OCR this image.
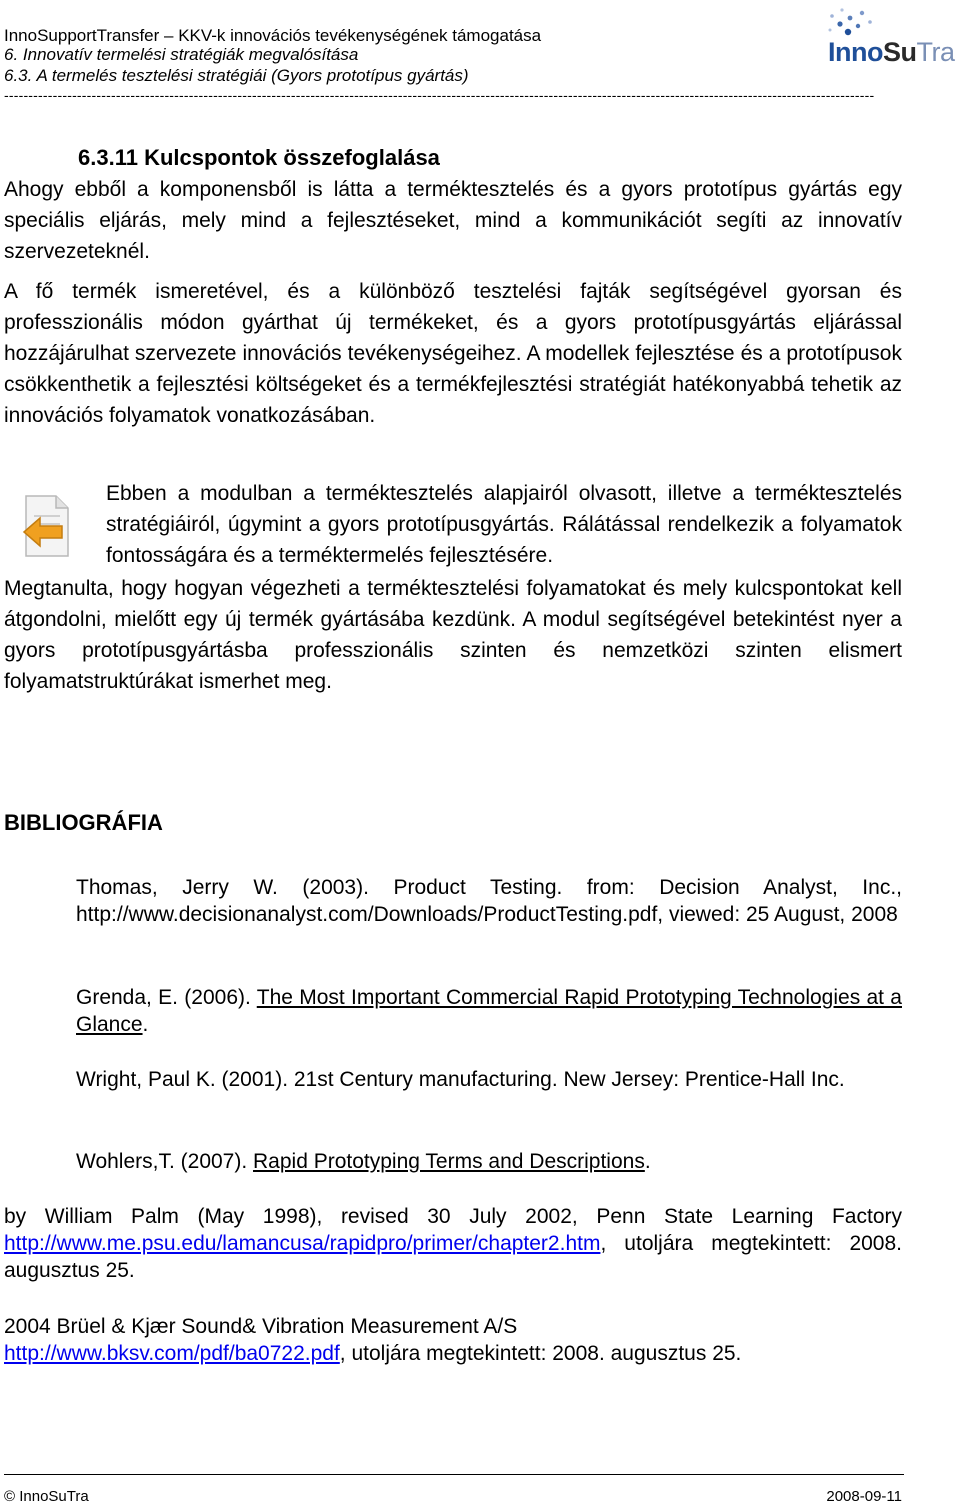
InnoSupportTransfer – KKV-k innovációs tevékenységének támogatása
6. Innovatív termelési stratégiák megvalósítása
6.3. A termelés tesztelési stratégiái (Gyors prototípus gyártás)
-----------------------------------------------------------------------------------------------------------------------------------------------------------------------------------
InnoSuTra
6.3.11 Kulcspontok összefoglalása
Ahogy ebből a komponensből is látta a terméktesztelés és a gyors prototípus gyártás egy speciális eljárás, mely mind a fejlesztéseket, mind a kommunikációt segíti az innovatív szervezeteknél.
A fő termék ismeretével, és a különböző tesztelési fajták segítségével gyorsan és professzionális módon gyárthat új termékeket, és a gyors prototípusgyártás eljárással hozzájárulhat szervezete innovációs tevékenységeihez. A modellek fejlesztése és a prototípusok csökkenthetik a fejlesztési költségeket és a termékfejlesztési stratégiát hatékonyabbá tehetik az innovációs folyamatok vonatkozásában.
Ebben a modulban a terméktesztelés alapjairól olvasott, illetve a terméktesztelés stratégiáiról, úgymint a gyors prototípusgyártás. Rálátással rendelkezik a folyamatok fontosságára és a terméktermelés fejlesztésére.
Megtanulta, hogy hogyan végezheti a terméktesztelési folyamatokat és mely kulcspontokat kell átgondolni, mielőtt egy új termék gyártásába kezdünk. A modul segítségével betekintést nyer a gyors prototípusgyártásba professzionális szinten és nemzetközi szinten elismert folyamatstruktúrákat ismerhet meg.
BIBLIOGRÁFIA
Thomas, Jerry W. (2003). Product Testing. from: Decision Analyst, Inc., http://www.decisionanalyst.com/Downloads/ProductTesting.pdf, viewed: 25 August, 2008
Grenda, E. (2006). The Most Important Commercial Rapid Prototyping Technologies at a Glance.
Wright, Paul K. (2001). 21st Century manufacturing. New Jersey: Prentice-Hall Inc.
Wohlers,T. (2007). Rapid Prototyping Terms and Descriptions.
by William Palm (May 1998), revised 30 July 2002, Penn State Learning Factory http://www.me.psu.edu/lamancusa/rapidpro/primer/chapter2.htm, utoljára megtekintett: 2008. augusztus 25.
2004 Brüel & Kjær Sound& Vibration Measurement A/S
http://www.bksv.com/pdf/ba0722.pdf, utoljára megtekintett: 2008. augusztus 25.
© InnoSuTra	2008-09-11
